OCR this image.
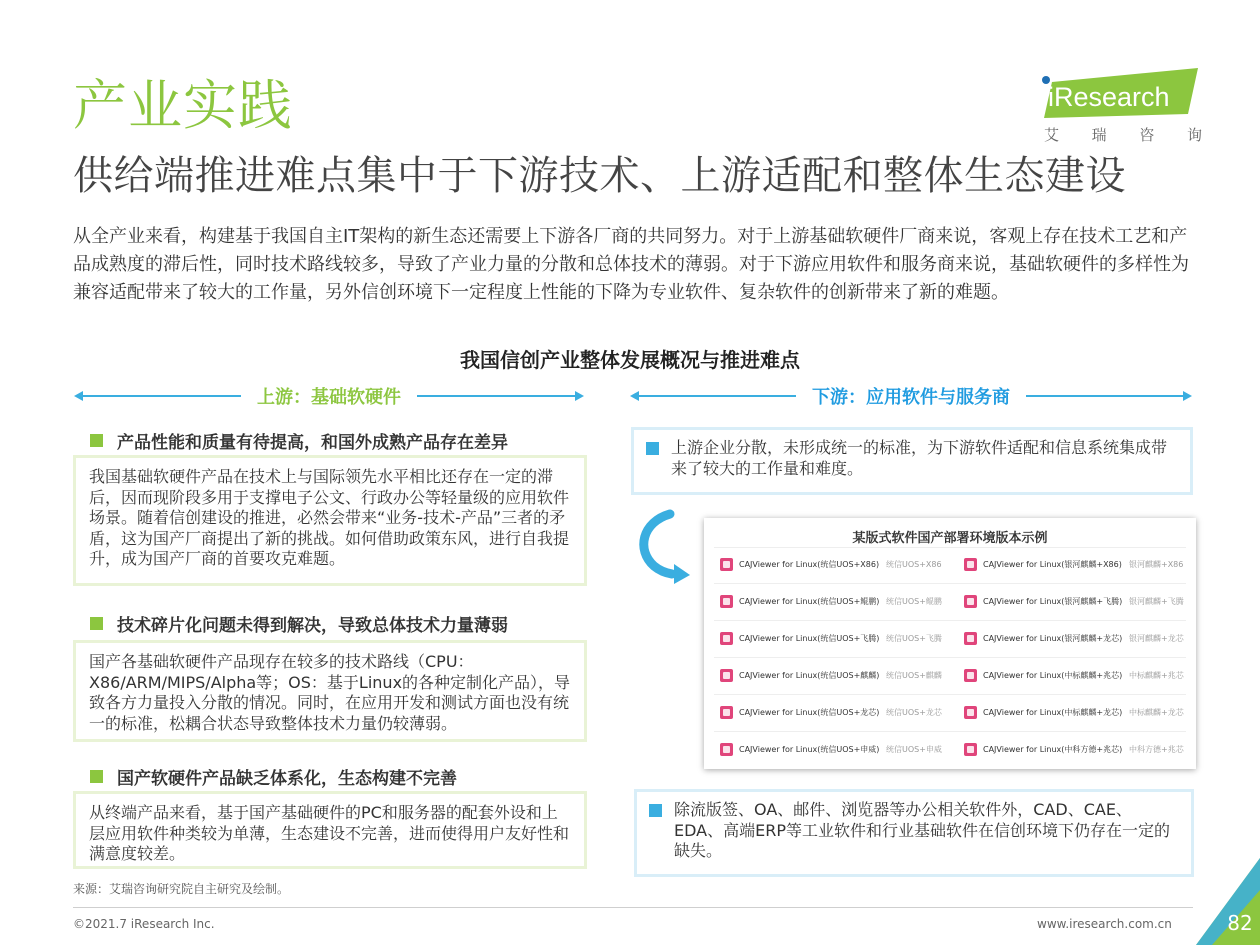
产业实践
供给端推进难点集中于下游技术、上游适配和整体生态建设
iResearch
艾 瑞 咨 询

从全产业来看，构建基于我国自主IT架构的新生态还需要上下游各厂商的共同努力。对于上游基础软硬件厂商来说，客观上存在技术工艺和产品成熟度的滞后性，同时技术路线较多，导致了产业力量的分散和总体技术的薄弱。对于下游应用软件和服务商来说，基础软硬件的多样性为兼容适配带来了较大的工作量，另外信创环境下一定程度上性能的下降为专业软件、复杂软件的创新带来了新的难题。

我国信创产业整体发展概况与推进难点
上游：基础软硬件	下游：应用软件与服务商
产品性能和质量有待提高，和国外成熟产品存在差异
我国基础软硬件产品在技术上与国际领先水平相比还存在一定的滞后，因而现阶段多用于支撑电子公文、行政办公等轻量级的应用软件场景。随着信创建设的推进，必然会带来“业务-技术-产品”三者的矛盾，这为国产厂商提出了新的挑战。如何借助政策东风，进行自我提升，成为国产厂商的首要攻克难题。
技术碎片化问题未得到解决，导致总体技术力量薄弱
国产各基础软硬件产品现存在较多的技术路线（CPU：X86/ARM/MIPS/Alpha等；OS：基于Linux的各种定制化产品），导致各方力量投入分散的情况。同时，在应用开发和测试方面也没有统一的标准，松耦合状态导致整体技术力量仍较薄弱。
国产软硬件产品缺乏体系化，生态构建不完善
从终端产品来看，基于国产基础硬件的PC和服务器的配套外设和上层应用软件种类较为单薄，生态建设不完善，进而使得用户友好性和满意度较差。
上游企业分散，未形成统一的标准，为下游软件适配和信息系统集成带来了较大的工作量和难度。
某版式软件国产部署环境版本示例
CAJViewer for Linux(统信UOS+X86) 统信UOS+X86	CAJViewer for Linux(银河麒麟+X86) 银河麒麟+X86
CAJViewer for Linux(统信UOS+鲲鹏) 统信UOS+鲲鹏	CAJViewer for Linux(银河麒麟+飞腾) 银河麒麟+飞腾
CAJViewer for Linux(统信UOS+飞腾) 统信UOS+飞腾	CAJViewer for Linux(银河麒麟+龙芯) 银河麒麟+龙芯
CAJViewer for Linux(统信UOS+麒麟) 统信UOS+麒麟	CAJViewer for Linux(中标麒麟+兆芯) 中标麒麟+兆芯
CAJViewer for Linux(统信UOS+龙芯) 统信UOS+龙芯	CAJViewer for Linux(中标麒麟+龙芯) 中标麒麟+龙芯
CAJViewer for Linux(统信UOS+申威) 统信UOS+申威	CAJViewer for Linux(中科方德+兆芯) 中科方德+兆芯
除流版签、OA、邮件、浏览器等办公相关软件外，CAD、CAE、EDA、高端ERP等工业软件和行业基础软件在信创环境下仍存在一定的缺失。
来源：艾瑞咨询研究院自主研究及绘制。
©2021.7 iResearch Inc.	www.iresearch.com.cn	82
